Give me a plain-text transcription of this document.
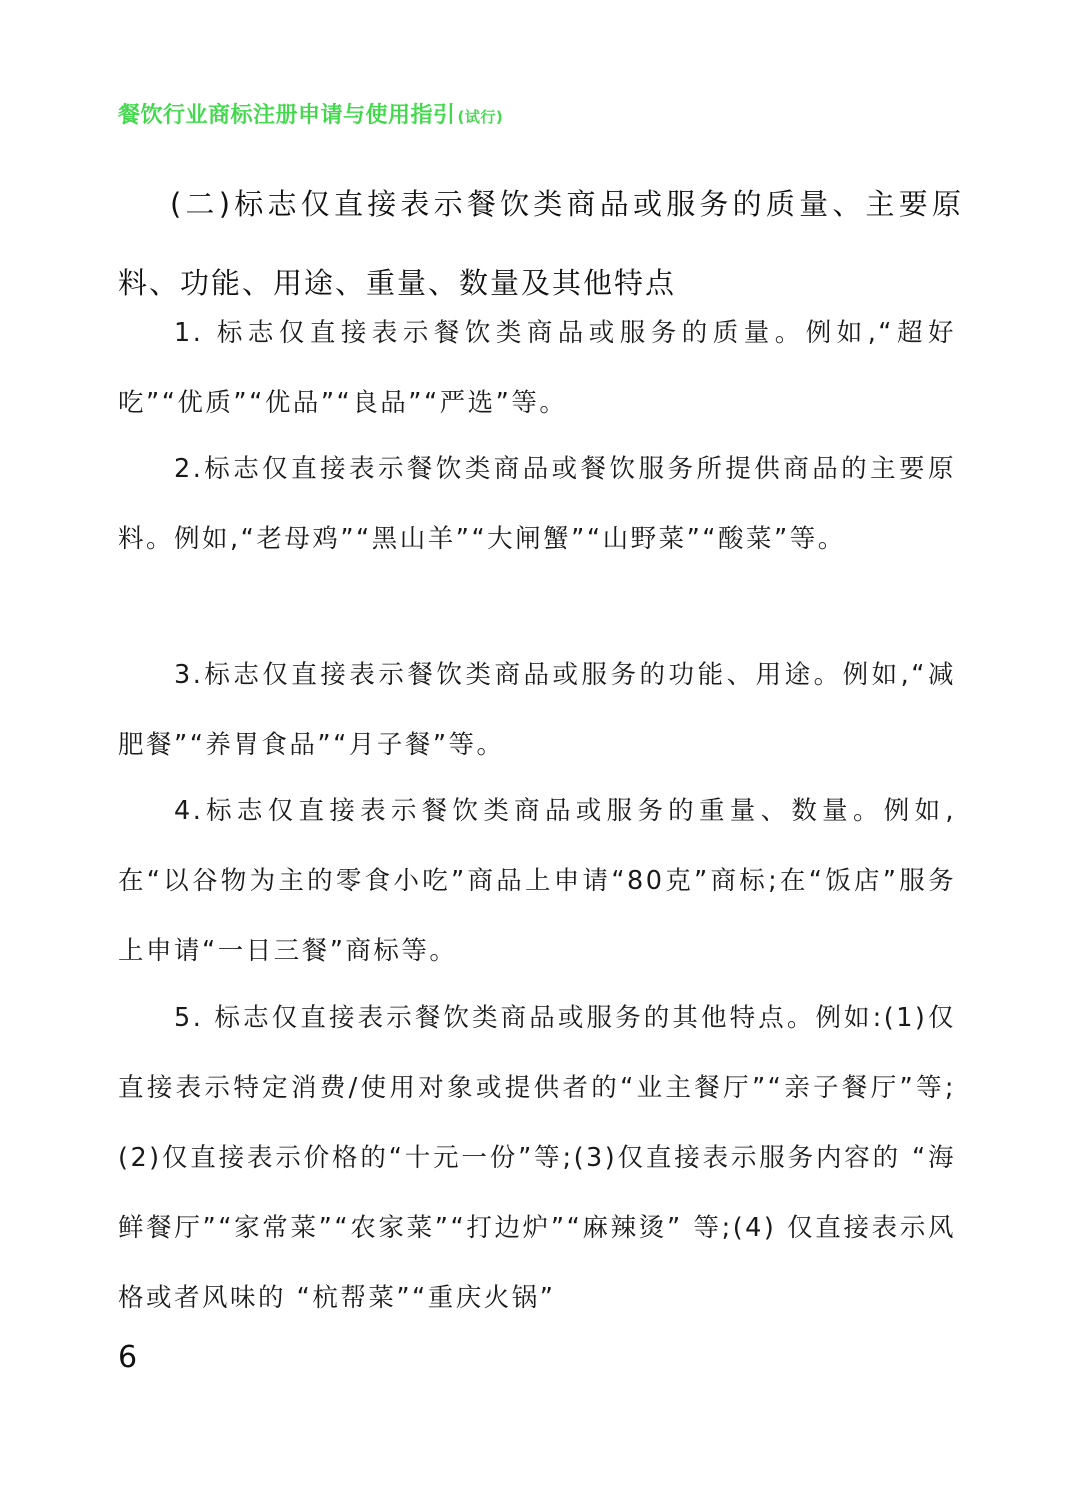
餐饮行业商标注册申请与使用指引 (试行)
(二)标志仅直接表示餐饮类商品或服务的质量、主要原料、功能、用途、重量、数量及其他特点

1. 标志仅直接表示餐饮类商品或服务的质量。例如,“超好吃”“优质”“优品”“良品”“严选”等。

2.标志仅直接表示餐饮类商品或餐饮服务所提供商品的主要原料。例如,“老母鸡”“黑山羊”“大闸蟹”“山野菜”“酸菜”等。

3.标志仅直接表示餐饮类商品或服务的功能、用途。例如,“减肥餐”“养胃食品”“月子餐”等。

4.标志仅直接表示餐饮类商品或服务的重量、数量。例如,在“以谷物为主的零食小吃”商品上申请“80克”商标;在“饭店”服务上申请“一日三餐”商标等。

5. 标志仅直接表示餐饮类商品或服务的其他特点。例如:(1)仅直接表示特定消费/使用对象或提供者的“业主餐厅”“亲子餐厅”等;(2)仅直接表示价格的“十元一份”等;(3)仅直接表示服务内容的 “海鲜餐厅”“家常菜”“农家菜”“打边炉”“麻辣烫” 等;(4) 仅直接表示风格或者风味的 “杭帮菜”“重庆火锅”

6
